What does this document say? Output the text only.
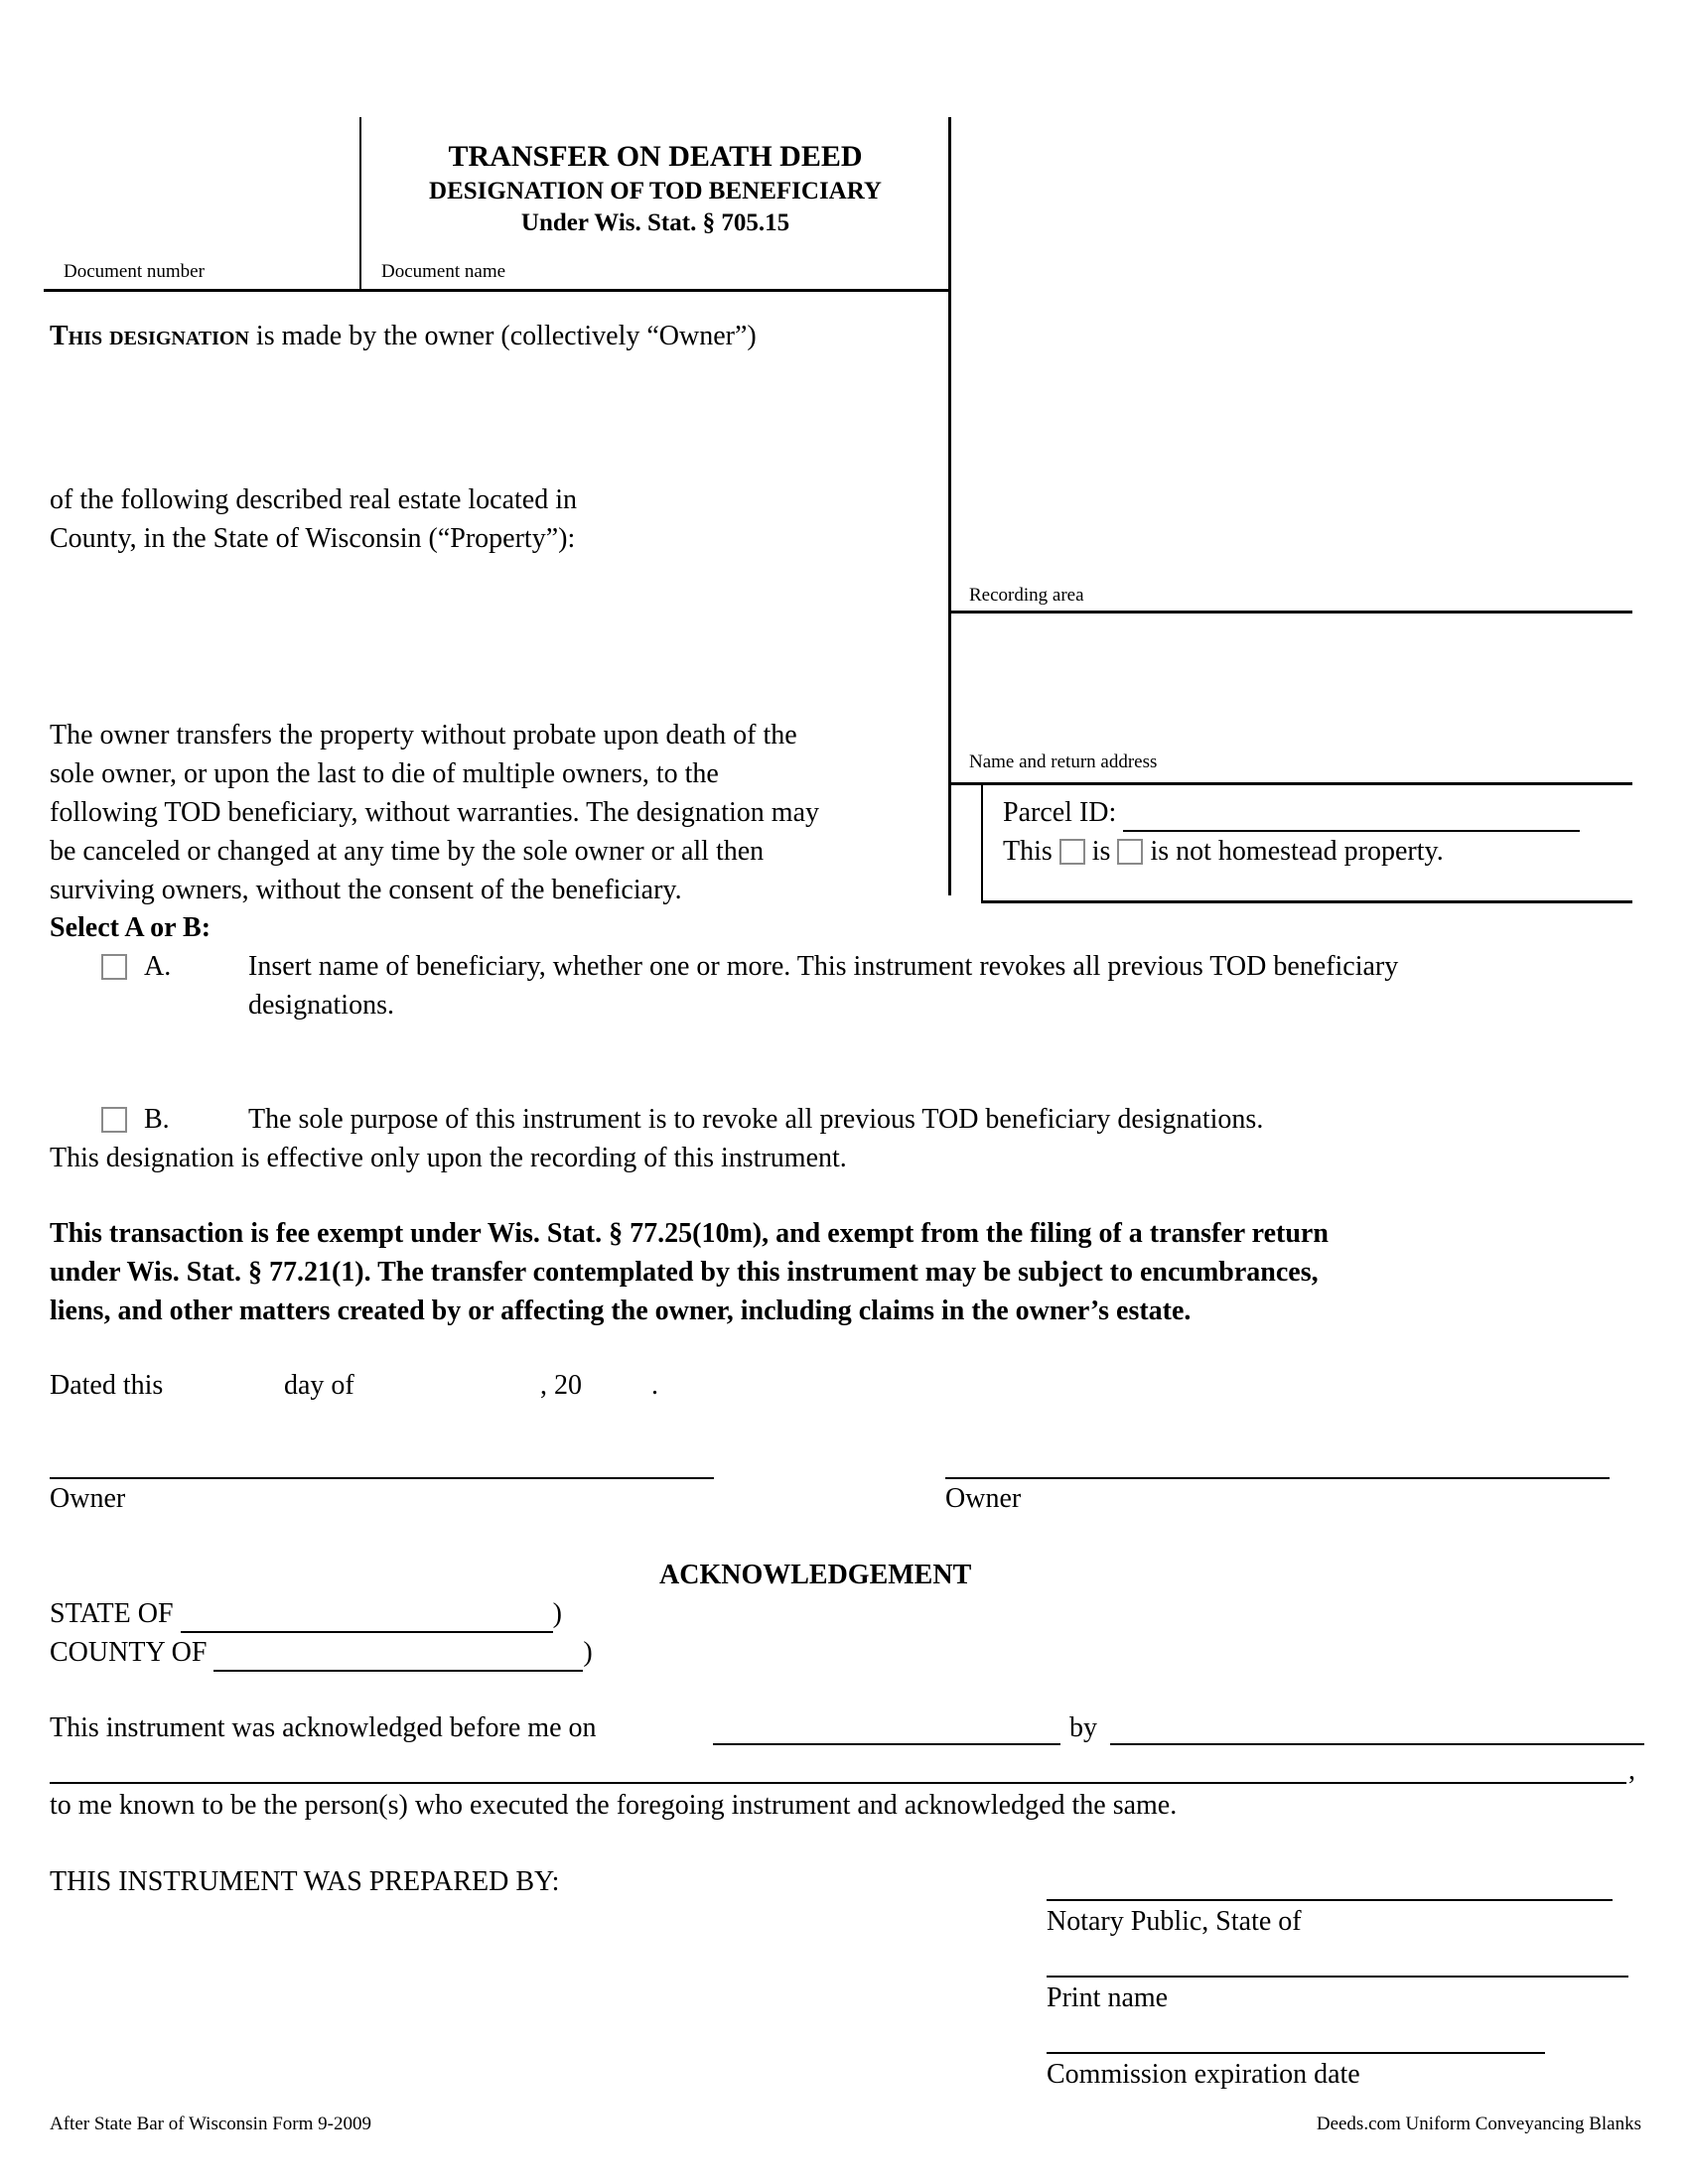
TRANSFER ON DEATH DEED
DESIGNATION OF TOD BENEFICIARY
Under Wis. Stat. § 705.15
Document number	Document name
Recording area
Name and return address
This designation is made by the owner (collectively “Owner”)
of the following described real estate located in
County, in the State of Wisconsin (“Property”):
The owner transfers the property without probate upon death of the
sole owner, or upon the last to die of multiple owners, to the
following TOD beneficiary, without warranties. The designation may
be canceled or changed at any time by the sole owner or all then
surviving owners, without the consent of the beneficiary.
Parcel ID:
This is is not homestead property.
Select A or B:
A.	Insert name of beneficiary, whether one or more. This instrument revokes all previous TOD beneficiary
designations.
B.	The sole purpose of this instrument is to revoke all previous TOD beneficiary designations.
This designation is effective only upon the recording of this instrument.
This transaction is fee exempt under Wis. Stat. § 77.25(10m), and exempt from the filing of a transfer return
under Wis. Stat. § 77.21(1). The transfer contemplated by this instrument may be subject to encumbrances,
liens, and other matters created by or affecting the owner, including claims in the owner’s estate.
Dated this	day of	, 20	.
Owner	Owner
ACKNOWLEDGEMENT
STATE OF	)
COUNTY OF	)
This instrument was acknowledged before me on	by
,
to me known to be the person(s) who executed the foregoing instrument and acknowledged the same.
THIS INSTRUMENT WAS PREPARED BY:
Notary Public, State of
Print name
Commission expiration date
After State Bar of Wisconsin Form 9-2009	Deeds.com Uniform Conveyancing Blanks
